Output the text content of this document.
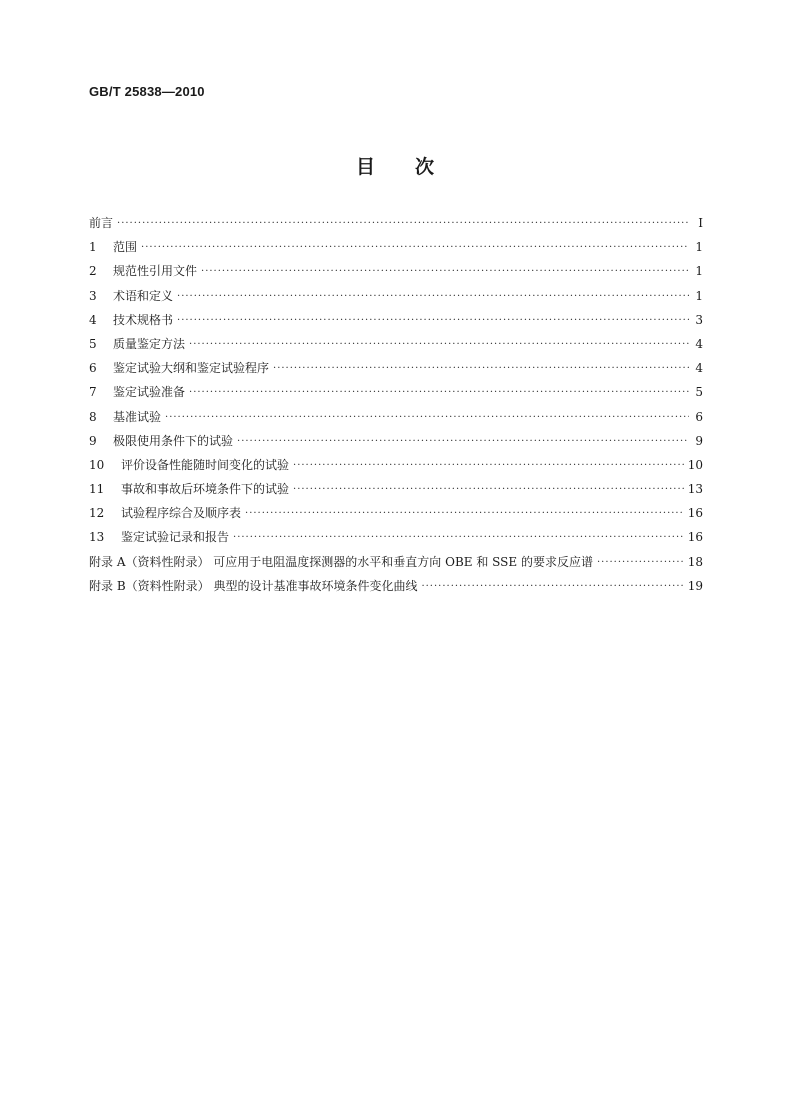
GB/T 25838—2010
目 次
前言 ·····	I
1	范围 ·····	1
2	规范性引用文件 ·····	1
3	术语和定义 ·····	1
4	技术规格书 ·····	3
5	质量鉴定方法 ·····	4
6	鉴定试验大纲和鉴定试验程序 ·····	4
7	鉴定试验准备 ·····	5
8	基准试验 ·····	6
9	极限使用条件下的试验 ·····	9
10	评价设备性能随时间变化的试验 ·····	10
11	事故和事故后环境条件下的试验 ·····	13
12	试验程序综合及顺序表 ·····	16
13	鉴定试验记录和报告 ·····	16
附录 A（资料性附录） 可应用于电阻温度探测器的水平和垂直方向 OBE 和 SSE 的要求反应谱 ·····	18
附录 B（资料性附录） 典型的设计基准事故环境条件变化曲线 ·····	19
